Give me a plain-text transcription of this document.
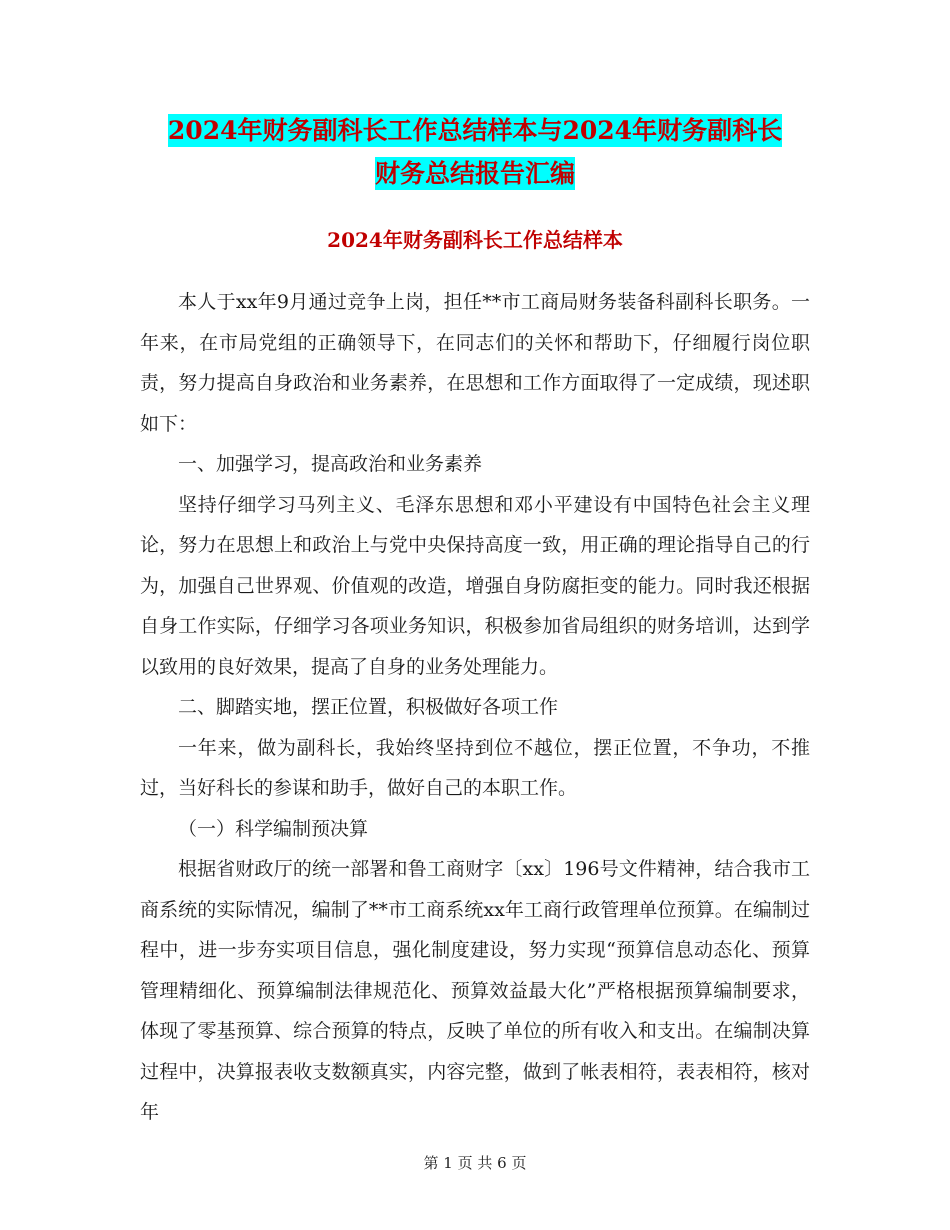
2024年财务副科长工作总结样本与2024年财务副科长
财务总结报告汇编
2024年财务副科长工作总结样本

本人于xx年9月通过竞争上岗，担任**市工商局财务装备科副科长职务。一年来，在市局党组的正确领导下，在同志们的关怀和帮助下，仔细履行岗位职责，努力提高自身政治和业务素养，在思想和工作方面取得了一定成绩，现述职如下：

一、加强学习，提高政治和业务素养

坚持仔细学习马列主义、毛泽东思想和邓小平建设有中国特色社会主义理论，努力在思想上和政治上与党中央保持高度一致，用正确的理论指导自己的行为，加强自己世界观、价值观的改造，增强自身防腐拒变的能力。同时我还根据自身工作实际，仔细学习各项业务知识，积极参加省局组织的财务培训，达到学以致用的良好效果，提高了自身的业务处理能力。

二、脚踏实地，摆正位置，积极做好各项工作

一年来，做为副科长，我始终坚持到位不越位，摆正位置，不争功，不推过，当好科长的参谋和助手，做好自己的本职工作。

（一）科学编制预决算

根据省财政厅的统一部署和鲁工商财字〔xx〕196号文件精神，结合我市工商系统的实际情况，编制了**市工商系统xx年工商行政管理单位预算。在编制过程中，进一步夯实项目信息，强化制度建设，努力实现“预算信息动态化、预算管理精细化、预算编制法律规范化、预算效益最大化”严格根据预算编制要求，体现了零基预算、综合预算的特点，反映了单位的所有收入和支出。在编制决算过程中，决算报表收支数额真实，内容完整，做到了帐表相符，表表相符，核对年

第 1 页 共 6 页
